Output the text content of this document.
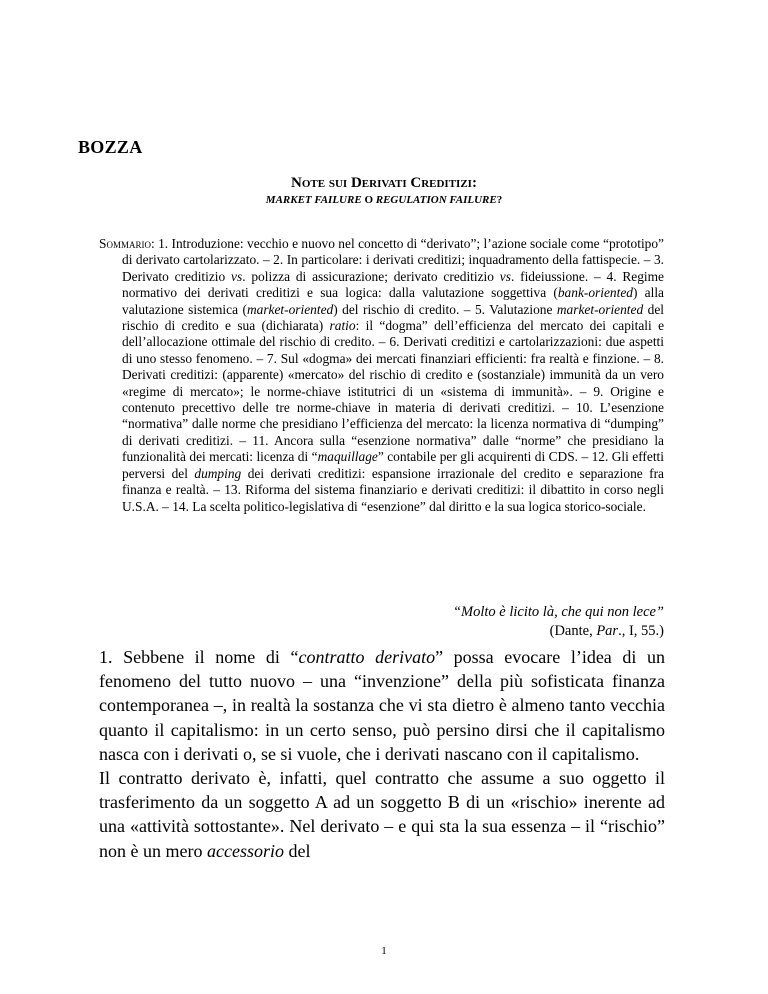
BOZZA
Note sui Derivati Creditizi:
MARKET FAILURE O REGULATION FAILURE?

Sommario: 1. Introduzione: vecchio e nuovo nel concetto di “derivato”; l’azione sociale come “prototipo” di derivato cartolarizzato. – 2. In particolare: i derivati creditizi; inquadramento della fattispecie. – 3. Derivato creditizio vs. polizza di assicurazione; derivato creditizio vs. fideiussione. – 4. Regime normativo dei derivati creditizi e sua logica: dalla valutazione soggettiva (bank-oriented) alla valutazione sistemica (market-oriented) del rischio di credito. – 5. Valutazione market-oriented del rischio di credito e sua (dichiarata) ratio: il “dogma” dell’efficienza del mercato dei capitali e dell’allocazione ottimale del rischio di credito. – 6. Derivati creditizi e cartolarizzazioni: due aspetti di uno stesso fenomeno. – 7. Sul «dogma» dei mercati finanziari efficienti: fra realtà e finzione. – 8. Derivati creditizi: (apparente) «mercato» del rischio di credito e (sostanziale) immunità da un vero «regime di mercato»; le norme-chiave istitutrici di un «sistema di immunità». – 9. Origine e contenuto precettivo delle tre norme-chiave in materia di derivati creditizi. – 10. L’esenzione “normativa” dalle norme che presidiano l’efficienza del mercato: la licenza normativa di “dumping” di derivati creditizi. – 11. Ancora sulla “esenzione normativa” dalle “norme” che presidiano la funzionalità dei mercati: licenza di “maquillage” contabile per gli acquirenti di CDS. – 12. Gli effetti perversi del dumping dei derivati creditizi: espansione irrazionale del credito e separazione fra finanza e realtà. – 13. Riforma del sistema finanziario e derivati creditizi: il dibattito in corso negli U.S.A. – 14. La scelta politico-legislativa di “esenzione” dal diritto e la sua logica storico-sociale.

“Molto è licito là, che qui non lece”
(Dante, Par., I, 55.)

1. Sebbene il nome di “contratto derivato” possa evocare l’idea di un fenomeno del tutto nuovo – una “invenzione” della più sofisticata finanza contemporanea –, in realtà la sostanza che vi sta dietro è almeno tanto vecchia quanto il capitalismo: in un certo senso, può persino dirsi che il capitalismo nasca con i derivati o, se si vuole, che i derivati nascano con il capitalismo.

Il contratto derivato è, infatti, quel contratto che assume a suo oggetto il trasferimento da un soggetto A ad un soggetto B di un «rischio» inerente ad una «attività sottostante». Nel derivato – e qui sta la sua essenza – il “rischio” non è un mero accessorio del

1
